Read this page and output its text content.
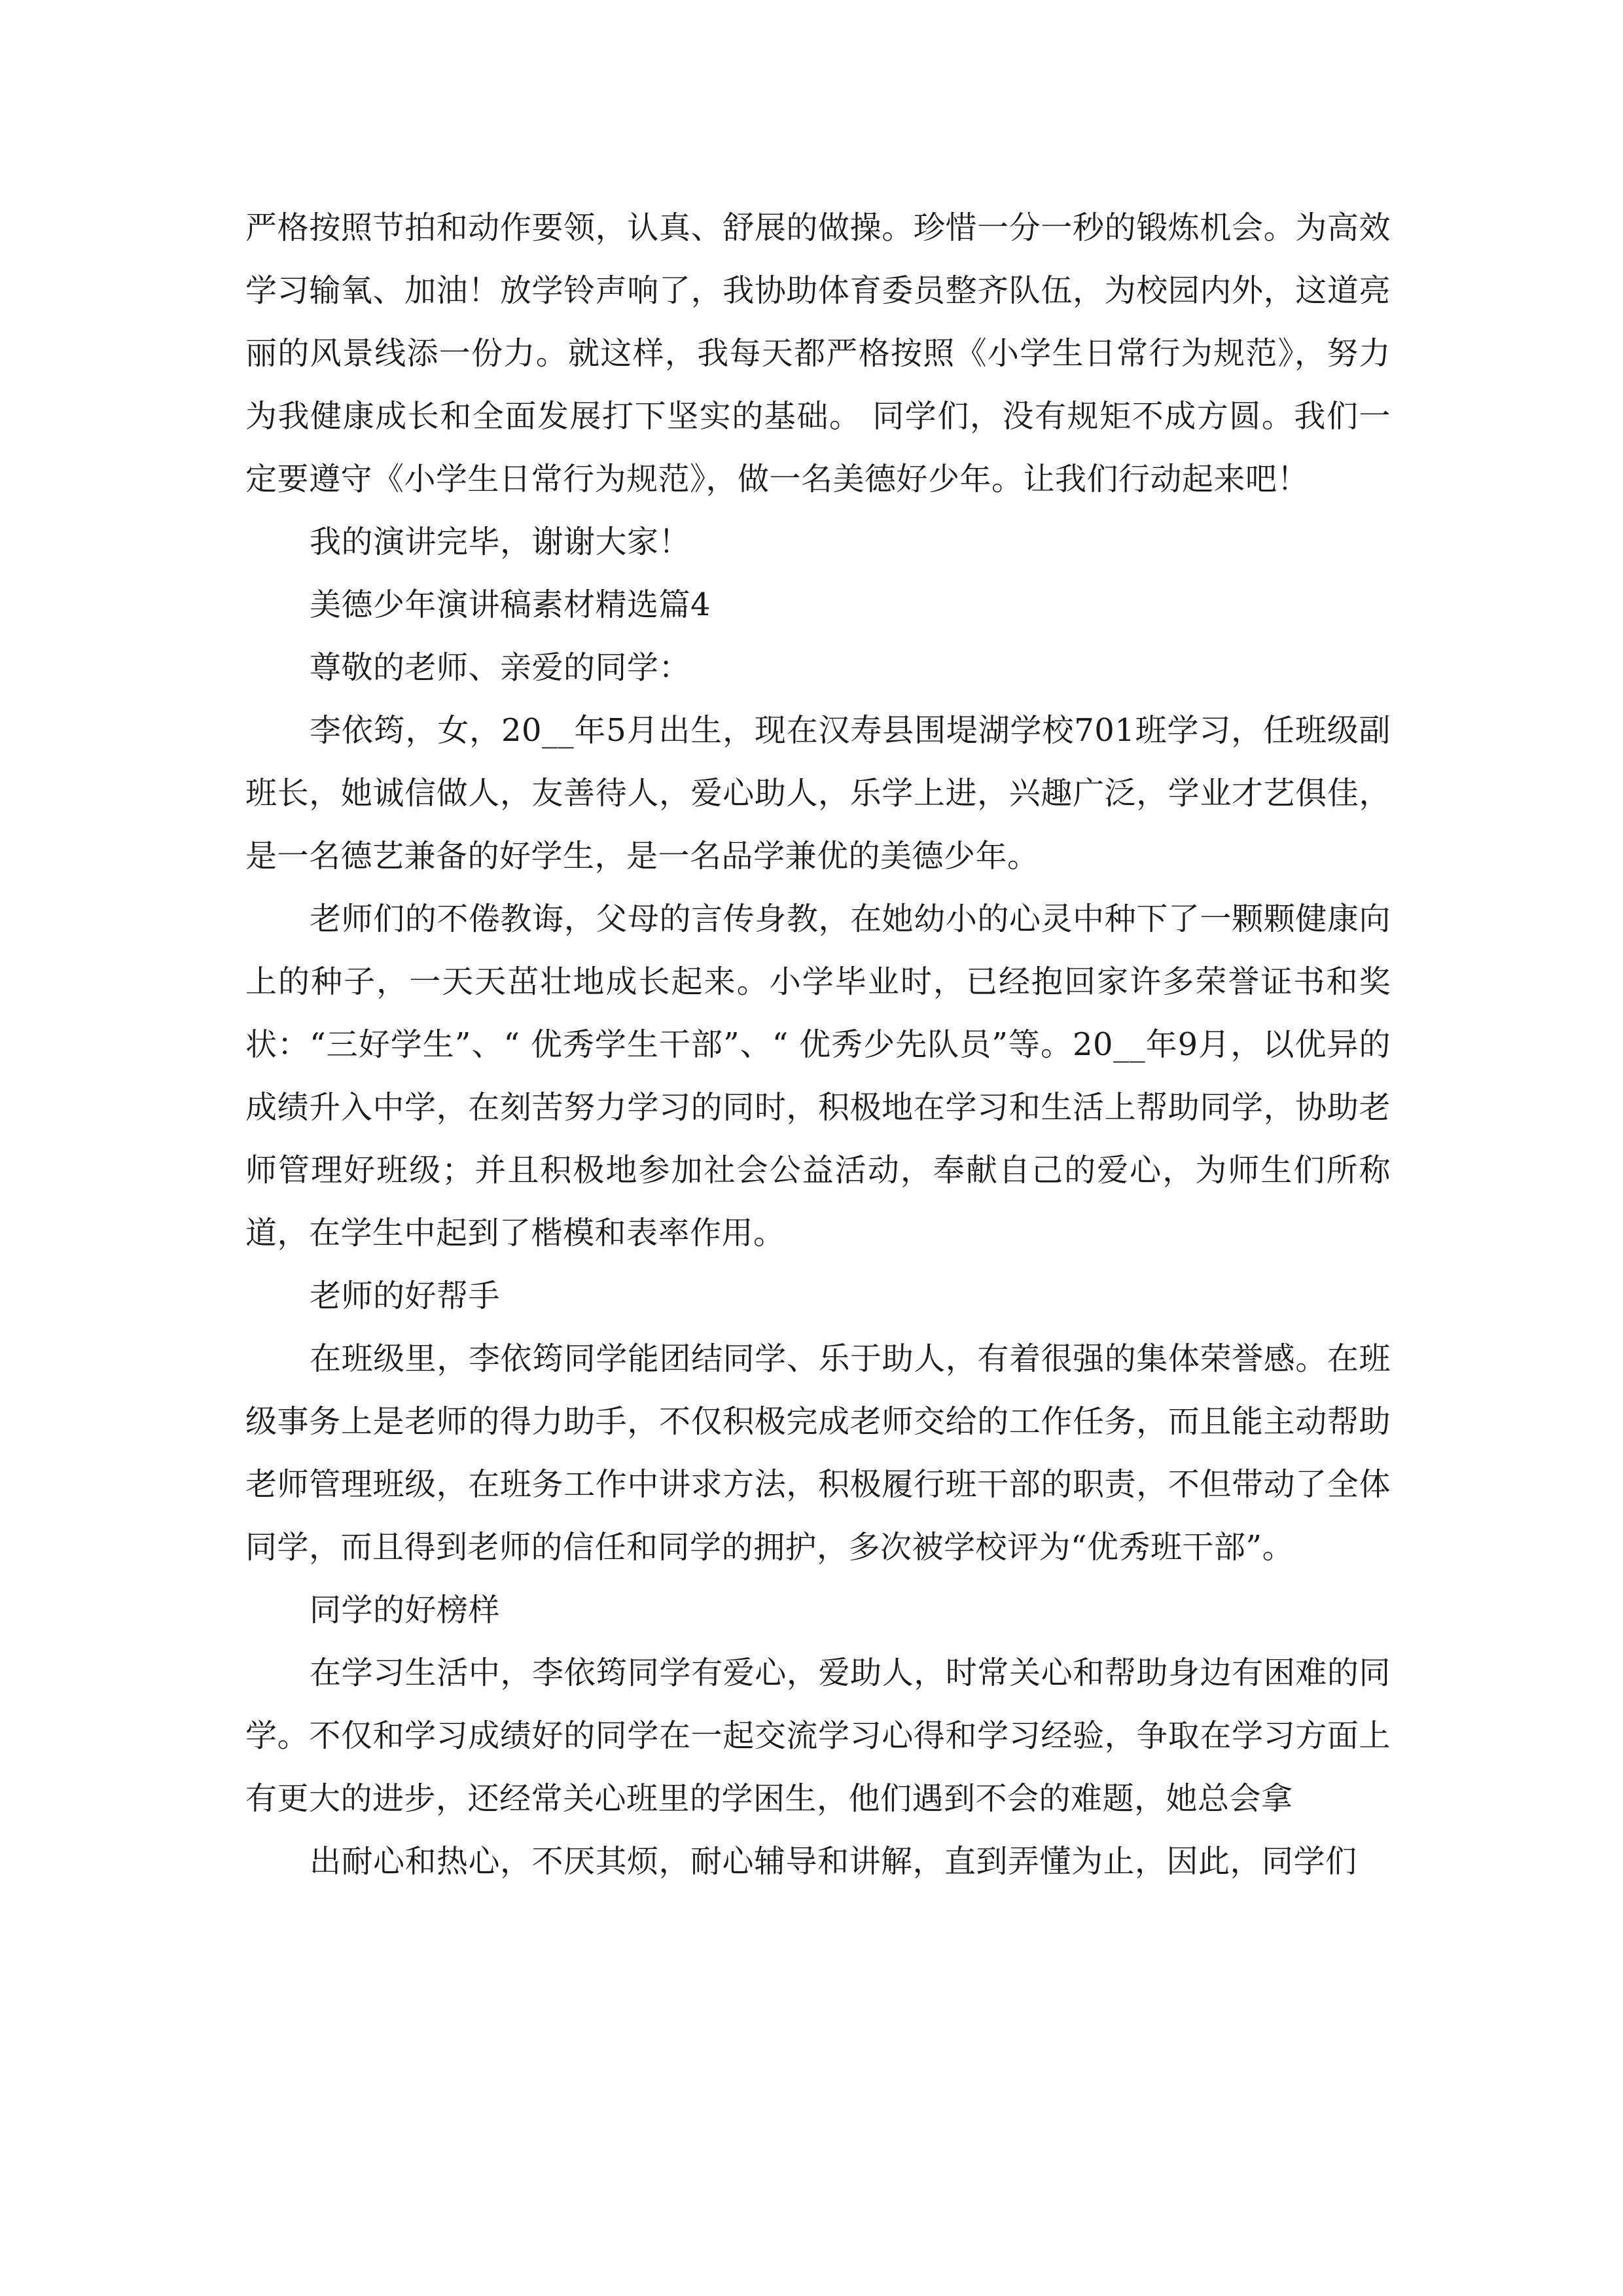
严格按照节拍和动作要领，认真、舒展的做操。珍惜一分一秒的锻炼机会。为高效学习输氧、加油！放学铃声响了，我协助体育委员整齐队伍，为校园内外，这道亮丽的风景线添一份力。就这样，我每天都严格按照《小学生日常行为规范》，努力为我健康成长和全面发展打下坚实的基础。 同学们，没有规矩不成方圆。我们一定要遵守《小学生日常行为规范》，做一名美德好少年。让我们行动起来吧！

我的演讲完毕，谢谢大家！

美德少年演讲稿素材精选篇4

尊敬的老师、亲爱的同学：

李依筠，女，20__年5月出生，现在汉寿县围堤湖学校701班学习，任班级副班长，她诚信做人，友善待人，爱心助人，乐学上进，兴趣广泛，学业才艺俱佳，是一名德艺兼备的好学生，是一名品学兼优的美德少年。

老师们的不倦教诲，父母的言传身教，在她幼小的心灵中种下了一颗颗健康向上的种子，一天天茁壮地成长起来。小学毕业时，已经抱回家许多荣誉证书和奖状：“三好学生”、“ 优秀学生干部”、“ 优秀少先队员”等。20__年9月，以优异的成绩升入中学，在刻苦努力学习的同时，积极地在学习和生活上帮助同学，协助老师管理好班级；并且积极地参加社会公益活动，奉献自己的爱心，为师生们所称道，在学生中起到了楷模和表率作用。

老师的好帮手

在班级里，李依筠同学能团结同学、乐于助人，有着很强的集体荣誉感。在班级事务上是老师的得力助手，不仅积极完成老师交给的工作任务，而且能主动帮助老师管理班级，在班务工作中讲求方法，积极履行班干部的职责，不但带动了全体同学，而且得到老师的信任和同学的拥护，多次被学校评为“优秀班干部”。

同学的好榜样

在学习生活中，李依筠同学有爱心，爱助人，时常关心和帮助身边有困难的同学。不仅和学习成绩好的同学在一起交流学习心得和学习经验，争取在学习方面上有更大的进步，还经常关心班里的学困生，他们遇到不会的难题，她总会拿

出耐心和热心，不厌其烦，耐心辅导和讲解，直到弄懂为止，因此，同学们
